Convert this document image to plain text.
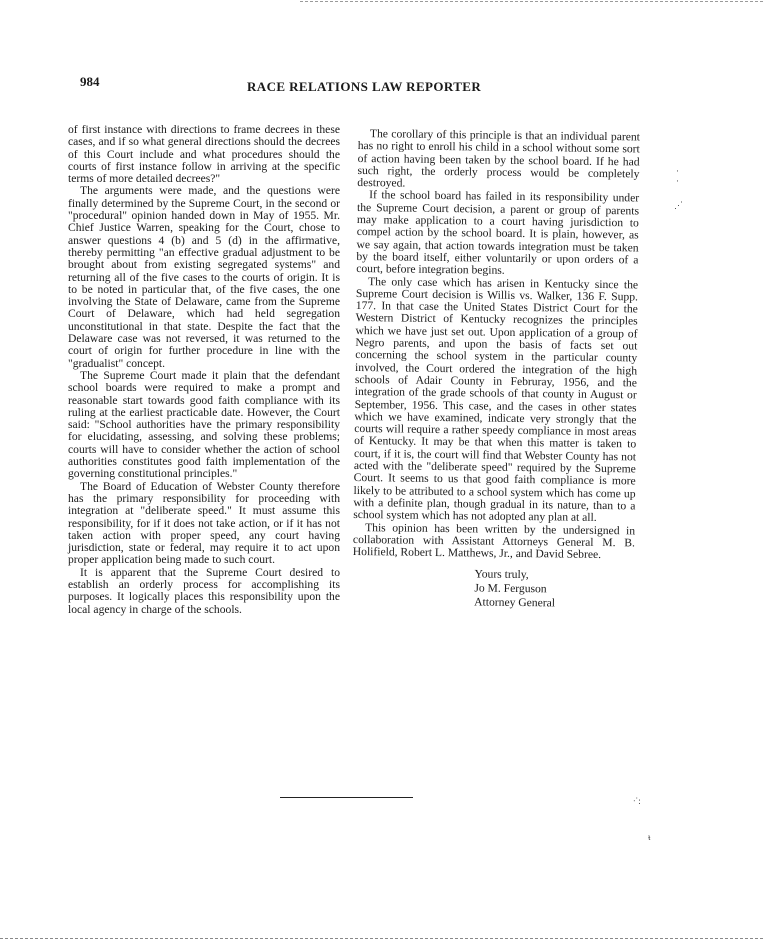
984	RACE RELATIONS LAW REPORTER

of first instance with directions to frame decrees in these cases, and if so what general directions should the decrees of this Court include and what procedures should the courts of first instance follow in arriving at the specific terms of more detailed decrees?"

The arguments were made, and the questions were finally determined by the Supreme Court, in the second or "procedural" opinion handed down in May of 1955. Mr. Chief Justice Warren, speaking for the Court, chose to answer questions 4 (b) and 5 (d) in the affirmative, thereby permitting "an effective gradual adjustment to be brought about from existing segregated systems" and returning all of the five cases to the courts of origin. It is to be noted in particular that, of the five cases, the one involving the State of Delaware, came from the Supreme Court of Delaware, which had held segregation unconstitutional in that state. Despite the fact that the Delaware case was not reversed, it was returned to the court of origin for further procedure in line with the "gradualist" concept.

The Supreme Court made it plain that the defendant school boards were required to make a prompt and reasonable start towards good faith compliance with its ruling at the earliest practicable date. However, the Court said: "School authorities have the primary responsibility for elucidating, assessing, and solving these problems; courts will have to consider whether the action of school authorities constitutes good faith implementation of the governing constitutional principles."

The Board of Education of Webster County therefore has the primary responsibility for proceeding with integration at "deliberate speed." It must assume this responsibility, for if it does not take action, or if it has not taken action with proper speed, any court having jurisdiction, state or federal, may require it to act upon proper application being made to such court.

It is apparent that the Supreme Court desired to establish an orderly process for accomplishing its purposes. It logically places this responsibility upon the local agency in charge of the schools.

The corollary of this principle is that an individual parent has no right to enroll his child in a school without some sort of action having been taken by the school board. If he had such right, the orderly process would be completely destroyed.

If the school board has failed in its responsibility under the Supreme Court decision, a parent or group of parents may make application to a court having jurisdiction to compel action by the school board. It is plain, however, as we say again, that action towards integration must be taken by the board itself, either voluntarily or upon orders of a court, before integration begins.

The only case which has arisen in Kentucky since the Supreme Court decision is Willis vs. Walker, 136 F. Supp. 177. In that case the United States District Court for the Western District of Kentucky recognizes the principles which we have just set out. Upon application of a group of Negro parents, and upon the basis of facts set out concerning the school system in the particular county involved, the Court ordered the integration of the high schools of Adair County in Februray, 1956, and the integration of the grade schools of that county in August or September, 1956. This case, and the cases in other states which we have examined, indicate very strongly that the courts will require a rather speedy compliance in most areas of Kentucky. It may be that when this matter is taken to court, if it is, the court will find that Webster County has not acted with the "deliberate speed" required by the Supreme Court. It seems to us that good faith compliance is more likely to be attributed to a school system which has come up with a definite plan, though gradual in its nature, than to a school system which has not adopted any plan at all.

This opinion has been written by the undersigned in collaboration with Assistant Attorneys General M. B. Holifield, Robert L. Matthews, Jr., and David Sebree.

Yours truly,
Jo M. Ferguson
Attorney General
·
·
⋰
ᐧ˙:
ᵼ
